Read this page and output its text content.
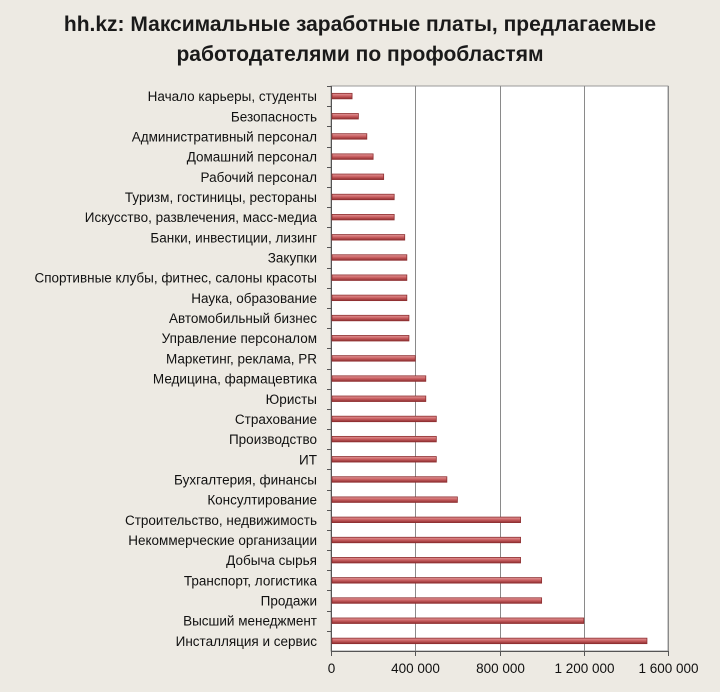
hh.kz: Максимальные заработные платы, предлагаемые
работодателями по профобластям
0	400 000	800 000 1 200 000 1 600 000
Начало карьеры, студенты
Безопасность
Административный персонал
Домашний персонал
Рабочий персонал
Туризм, гостиницы, рестораны
Искусство, развлечения, масс-медиа
Банки, инвестиции, лизинг
Закупки
Спортивные клубы, фитнес, салоны красоты
Наука, образование
Автомобильный бизнес
Управление персоналом
Маркетинг, реклама, PR
Медицина, фармацевтика
Юристы
Страхование
Производство
ИТ
Бухгалтерия, финансы
Консултирование
Строительство, недвижимость
Некоммерческие организации
Добыча сырья
Транспорт, логистика
Продажи
Высший менеджмент
Инсталляция и сервис
